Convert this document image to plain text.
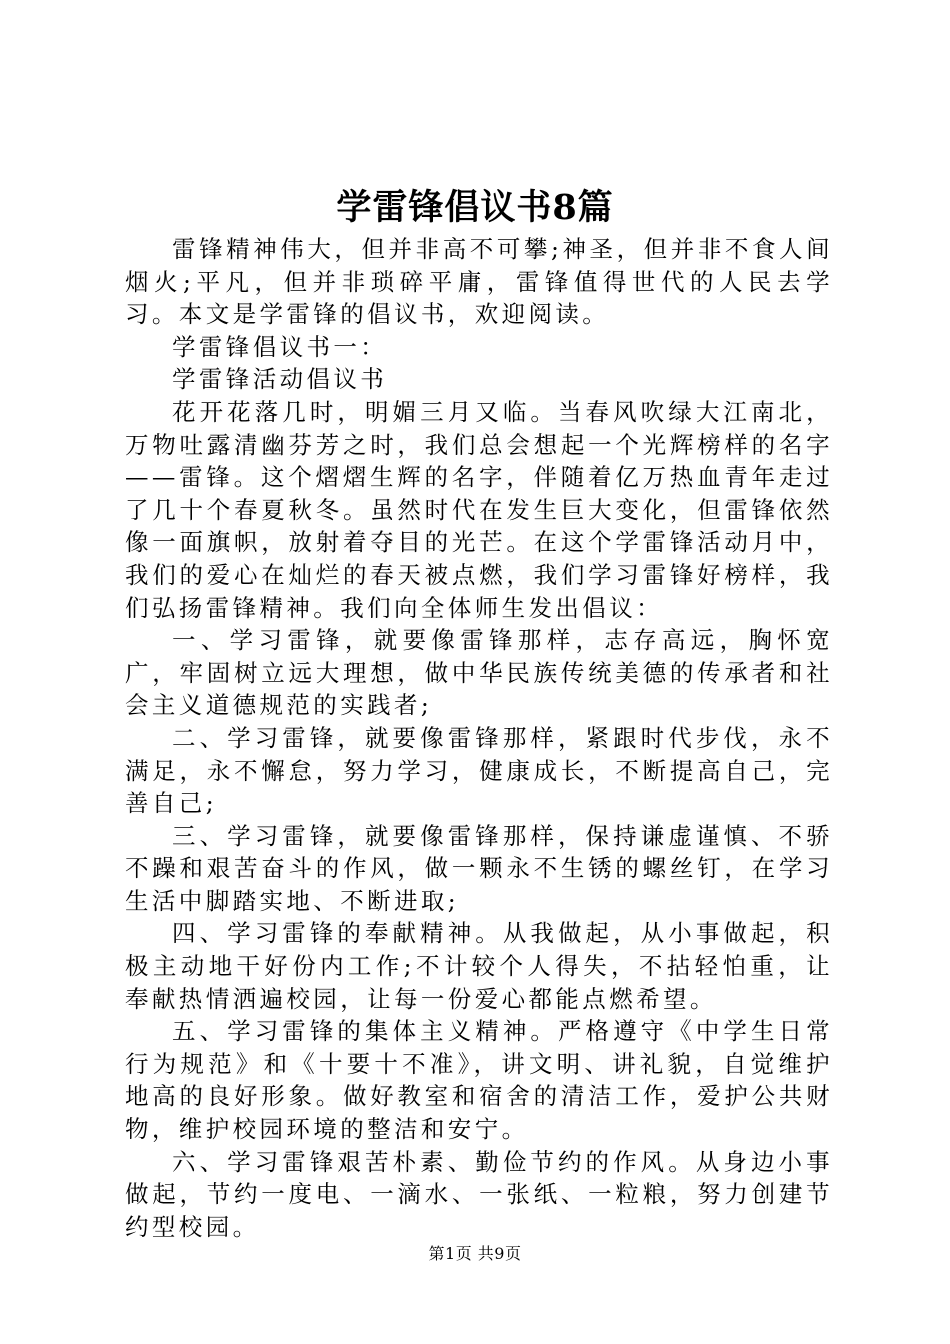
学雷锋倡议书8篇

雷锋精神伟大，但并非高不可攀;神圣，但并非不食人间烟火;平凡，但并非琐碎平庸，雷锋值得世代的人民去学习。本文是学雷锋的倡议书，欢迎阅读。

学雷锋倡议书一：

学雷锋活动倡议书

花开花落几时，明媚三月又临。当春风吹绿大江南北，万物吐露清幽芬芳之时，我们总会想起一个光辉榜样的名字——雷锋。这个熠熠生辉的名字，伴随着亿万热血青年走过了几十个春夏秋冬。虽然时代在发生巨大变化，但雷锋依然像一面旗帜，放射着夺目的光芒。在这个学雷锋活动月中，我们的爱心在灿烂的春天被点燃，我们学习雷锋好榜样，我们弘扬雷锋精神。我们向全体师生发出倡议：

一、学习雷锋，就要像雷锋那样，志存高远，胸怀宽广，牢固树立远大理想，做中华民族传统美德的传承者和社会主义道德规范的实践者;

二、学习雷锋，就要像雷锋那样，紧跟时代步伐，永不满足，永不懈怠，努力学习，健康成长，不断提高自己，完善自己;

三、学习雷锋，就要像雷锋那样，保持谦虚谨慎、不骄不躁和艰苦奋斗的作风，做一颗永不生锈的螺丝钉，在学习生活中脚踏实地、不断进取;

四、学习雷锋的奉献精神。从我做起，从小事做起，积极主动地干好份内工作;不计较个人得失，不拈轻怕重，让奉献热情洒遍校园，让每一份爱心都能点燃希望。

五、学习雷锋的集体主义精神。严格遵守《中学生日常行为规范》和《十要十不准》，讲文明、讲礼貌，自觉维护地高的良好形象。做好教室和宿舍的清洁工作，爱护公共财物，维护校园环境的整洁和安宁。

六、学习雷锋艰苦朴素、勤俭节约的作风。从身边小事做起，节约一度电、一滴水、一张纸、一粒粮，努力创建节约型校园。

第1页 共9页
